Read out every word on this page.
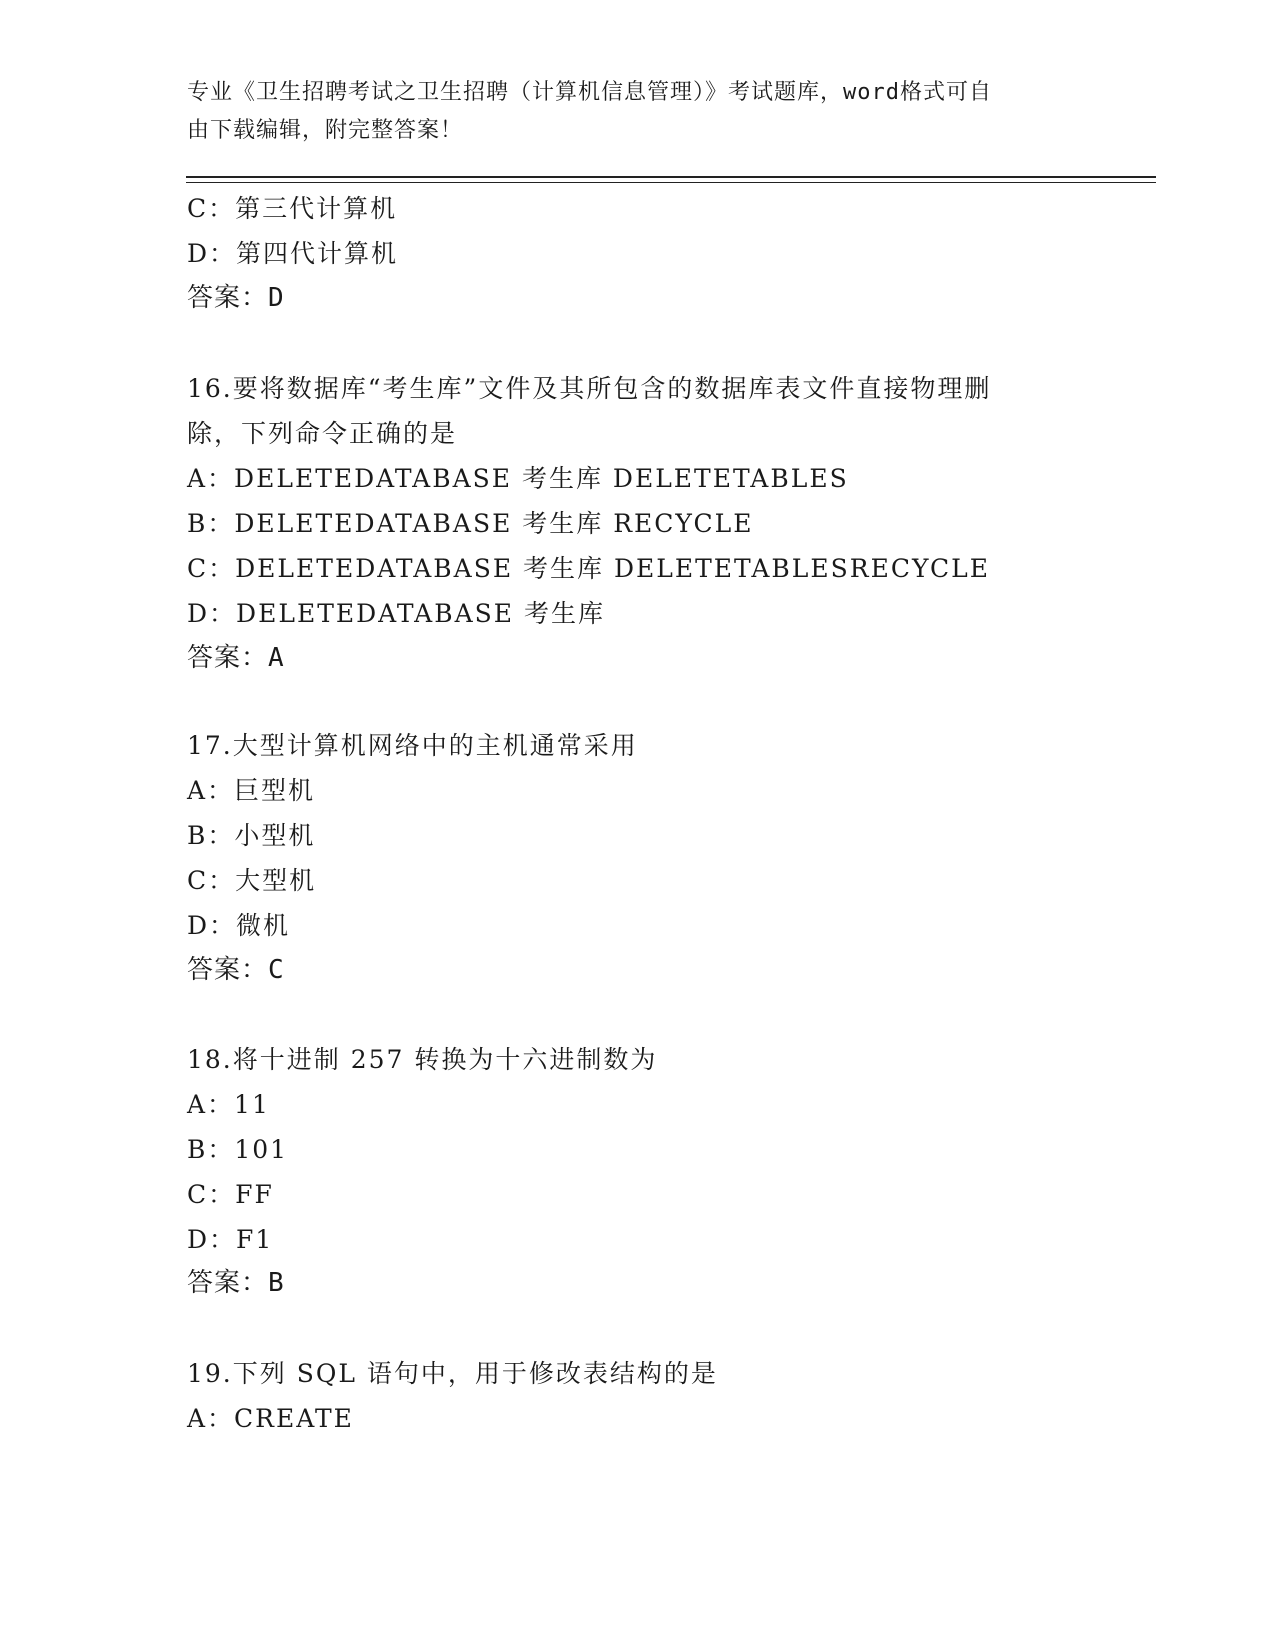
专业《卫生招聘考试之卫生招聘（计算机信息管理）》考试题库，word格式可自
由下载编辑，附完整答案！
C：第三代计算机
D：第四代计算机
答案：D
16.要将数据库“考生库”文件及其所包含的数据库表文件直接物理删
除，下列命令正确的是
A：DELETEDATABASE 考生库 DELETETABLES
B：DELETEDATABASE 考生库 RECYCLE
C：DELETEDATABASE 考生库 DELETETABLESRECYCLE
D：DELETEDATABASE 考生库
答案：A
17.大型计算机网络中的主机通常采用
A：巨型机
B：小型机
C：大型机
D：微机
答案：C
18.将十进制 257 转换为十六进制数为
A：11
B：101
C：FF
D：F1
答案：B
19.下列 SQL 语句中，用于修改表结构的是
A：CREATE
